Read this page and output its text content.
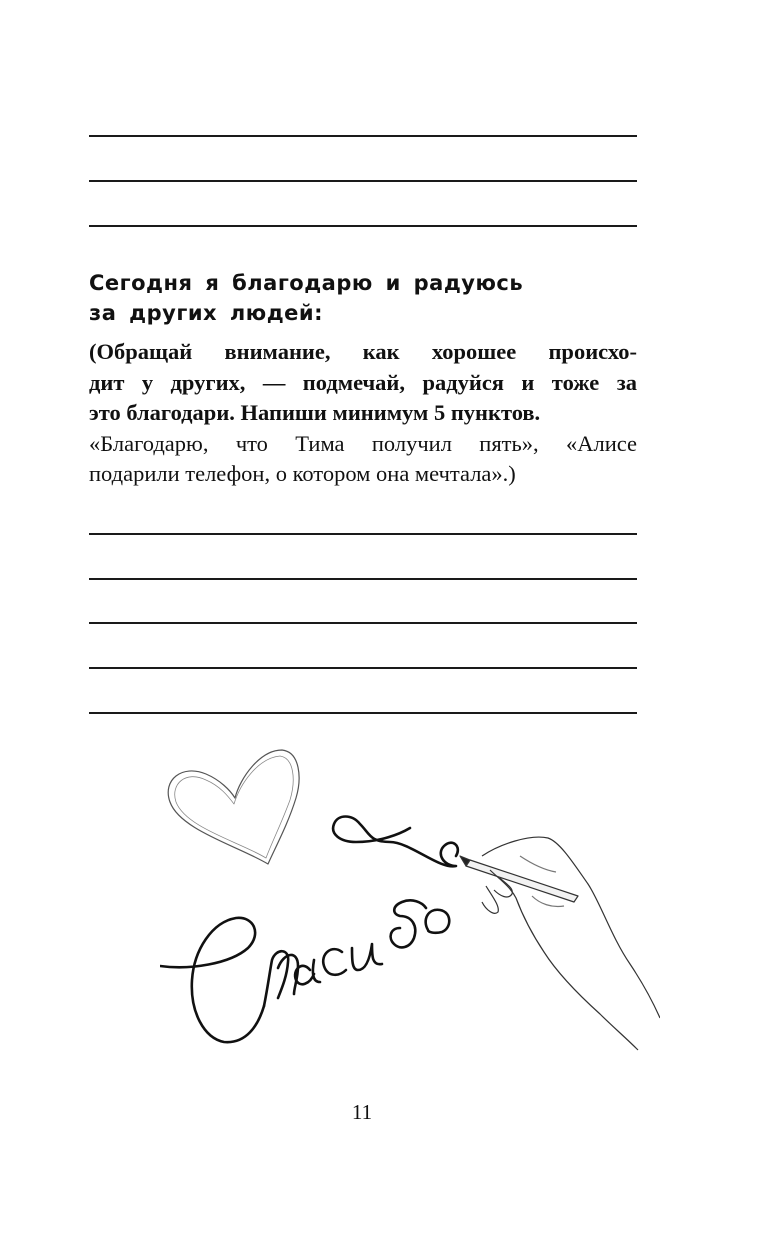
Сегодня я благодарю и радуюсь
за других людей:
(Обращай внимание, как хорошее происхо-
дит у других, — подмечай, радуйся и тоже за
это благодари. Напиши минимум 5 пунктов.
«Благодарю, что Тима получил пять», «Алисе
подарили телефон, о котором она мечтала».)
11
